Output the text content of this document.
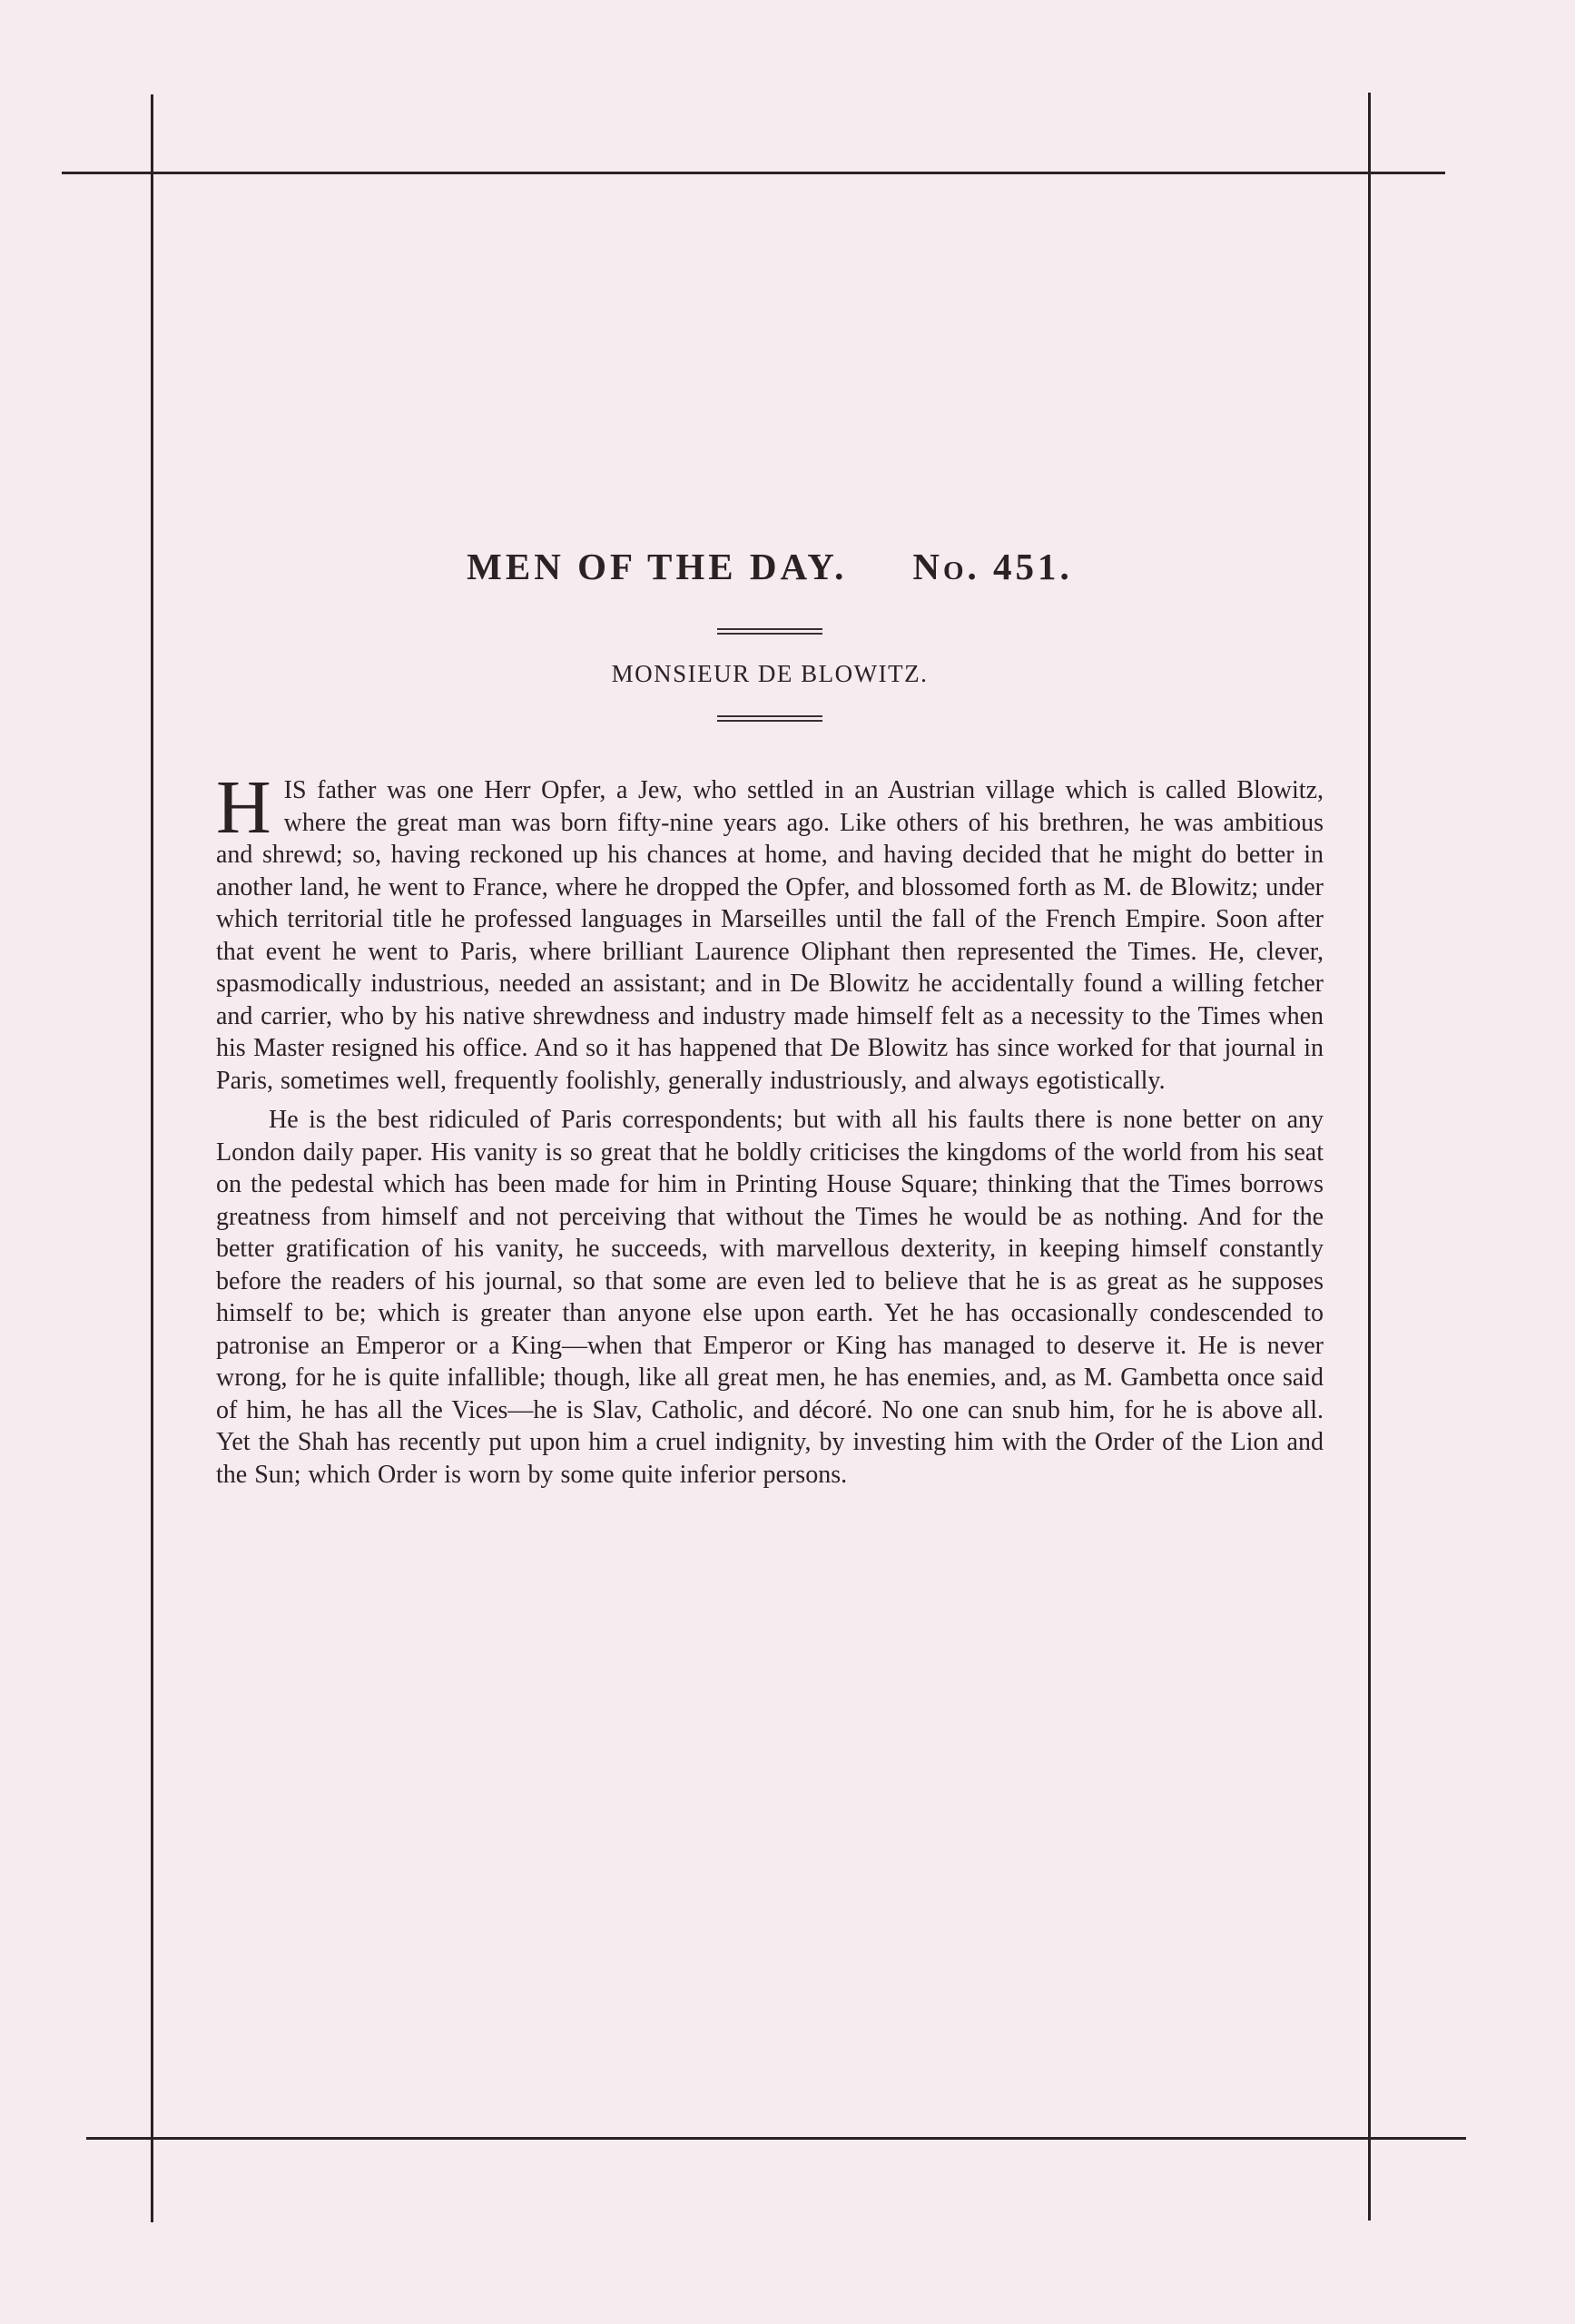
MEN OF THE DAY. No. 451.
MONSIEUR DE BLOWITZ.

HIS father was one Herr Opfer, a Jew, who settled in an Austrian village which is called Blowitz, where the great man was born fifty-nine years ago. Like others of his brethren, he was ambitious and shrewd; so, having reckoned up his chances at home, and having decided that he might do better in another land, he went to France, where he dropped the Opfer, and blossomed forth as M. de Blowitz; under which territorial title he professed languages in Marseilles until the fall of the French Empire. Soon after that event he went to Paris, where brilliant Laurence Oliphant then represented the Times. He, clever, spasmodically industrious, needed an assistant; and in De Blowitz he accidentally found a willing fetcher and carrier, who by his native shrewdness and industry made himself felt as a necessity to the Times when his Master resigned his office. And so it has happened that De Blowitz has since worked for that journal in Paris, sometimes well, frequently foolishly, generally industriously, and always egotistically.

He is the best ridiculed of Paris correspondents; but with all his faults there is none better on any London daily paper. His vanity is so great that he boldly criticises the kingdoms of the world from his seat on the pedestal which has been made for him in Printing House Square; thinking that the Times borrows greatness from himself and not perceiving that without the Times he would be as nothing. And for the better gratification of his vanity, he succeeds, with marvellous dexterity, in keeping himself constantly before the readers of his journal, so that some are even led to believe that he is as great as he supposes himself to be; which is greater than anyone else upon earth. Yet he has occasionally condescended to patronise an Emperor or a King—when that Emperor or King has managed to deserve it. He is never wrong, for he is quite infallible; though, like all great men, he has enemies, and, as M. Gambetta once said of him, he has all the Vices—he is Slav, Catholic, and décoré. No one can snub him, for he is above all. Yet the Shah has recently put upon him a cruel indignity, by investing him with the Order of the Lion and the Sun; which Order is worn by some quite inferior persons.
